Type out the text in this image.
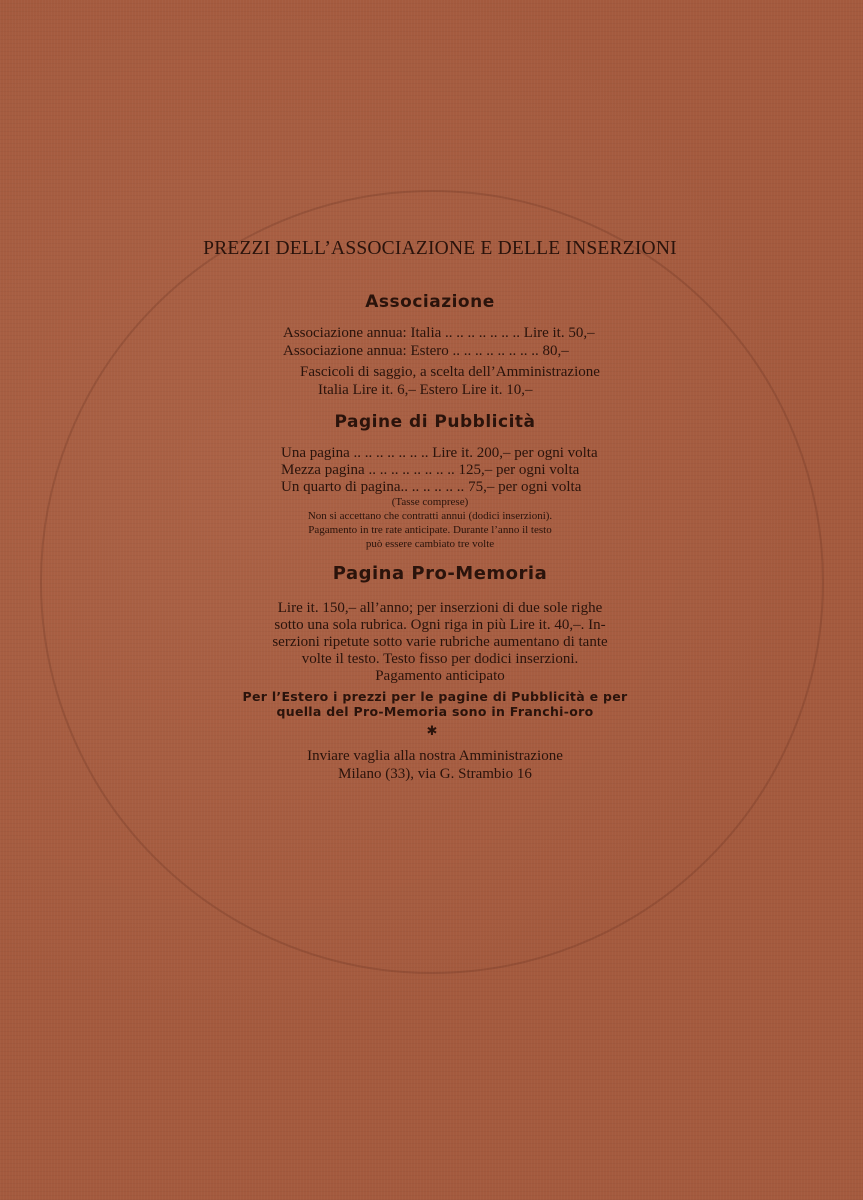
PREZZI DELL’ASSOCIAZIONE E DELLE INSERZIONI
Associazione

Associazione annua: Italia .. .. .. .. .. .. .. Lire it. 50,–

Associazione annua: Estero .. .. .. .. .. .. .. .. 80,–

Fascicoli di saggio, a scelta dell’Amministrazione

Italia Lire it. 6,– Estero Lire it. 10,–

Pagine di Pubblicità

Una pagina .. .. .. .. .. .. .. Lire it. 200,– per ogni volta

Mezza pagina .. .. .. .. .. .. .. .. 125,– per ogni volta

Un quarto di pagina.. .. .. .. .. .. 75,– per ogni volta

(Tasse comprese)

Non si accettano che contratti annui (dodici inserzioni).

Pagamento in tre rate anticipate. Durante l’anno il testo

può essere cambiato tre volte

Pagina Pro-Memoria

Lire it. 150,– all’anno; per inserzioni di due sole righe

sotto una sola rubrica. Ogni riga in più Lire it. 40,–. In-

serzioni ripetute sotto varie rubriche aumentano di tante

volte il testo. Testo fisso per dodici inserzioni.

Pagamento anticipato

Per l’Estero i prezzi per le pagine di Pubblicità e per

quella del Pro-Memoria sono in Franchi-oro

✱

Inviare vaglia alla nostra Amministrazione

Milano (33), via G. Strambio 16
